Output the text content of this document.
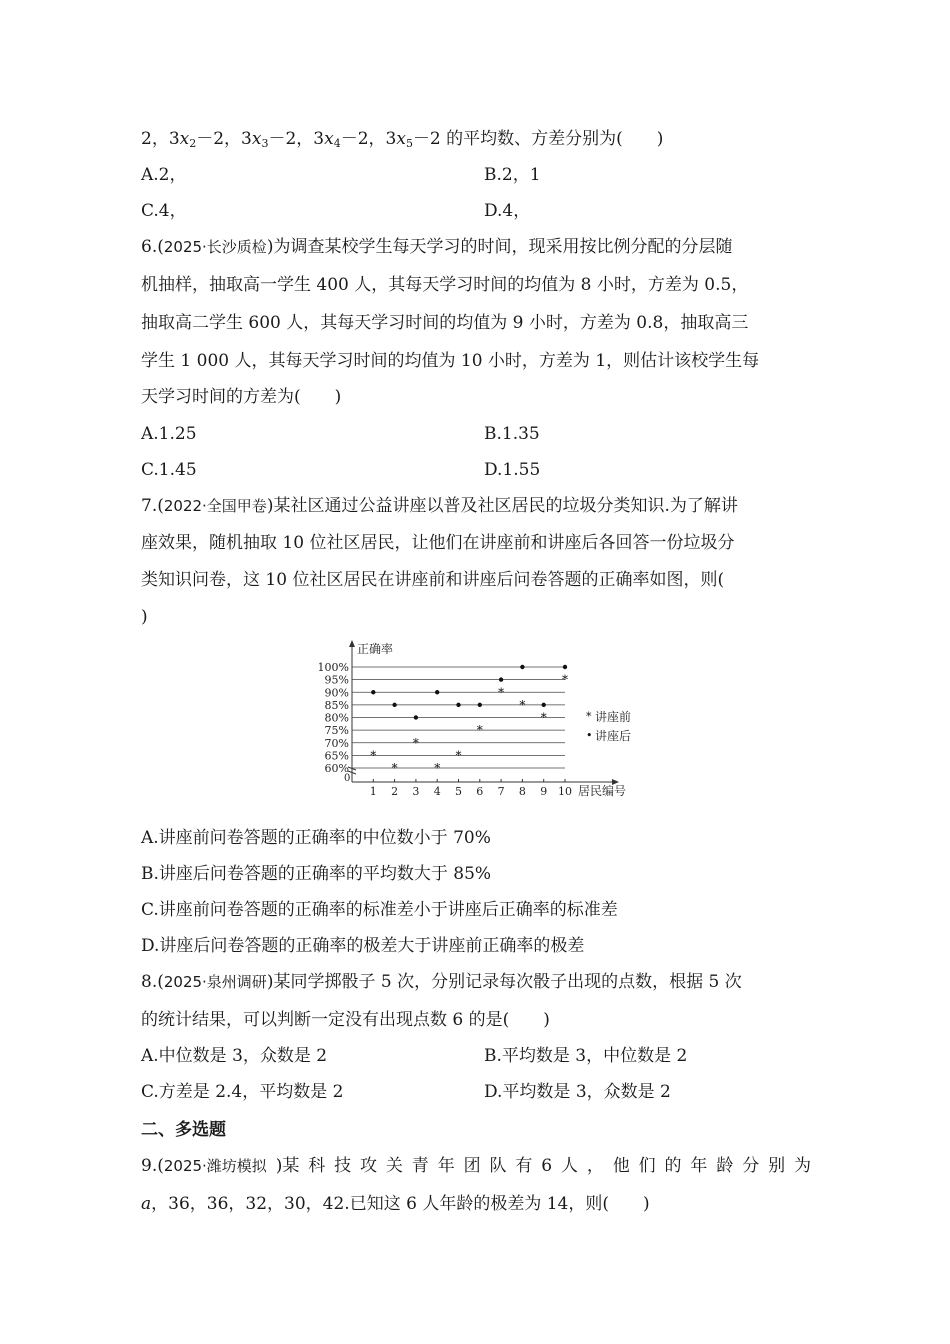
2，$3x_2-2$，$3x_3-2$，$3x_4-2$，$3x_5-2$ 的平均数、方差分别为(　　)
A.2，	B.2，1
C.4，	D.4，
6.(2025·长沙质检)为调查某校学生每天学习的时间，现采用按比例分配的分层随
机抽样，抽取高一学生 400 人，其每天学习时间的均值为 8 小时，方差为 0.5，
抽取高二学生 600 人，其每天学习时间的均值为 9 小时，方差为 0.8，抽取高三
学生 1 000 人，其每天学习时间的均值为 10 小时，方差为 1，则估计该校学生每
天学习时间的方差为(　　)
A.1.25	B.1.35
C.1.45	D.1.55
7.(2022·全国甲卷)某社区通过公益讲座以普及社区居民的垃圾分类知识.为了解讲
座效果，随机抽取 10 位社区居民，让他们在讲座前和讲座后各回答一份垃圾分
类知识问卷，这 10 位社区居民在讲座前和讲座后问卷答题的正确率如图，则(
)
正确率
居民编号
0
100%
95%
90%
85%
80%
75%
70%
65%
60%
1 2 3 4 5 6 7 8 9 10
*
*
*
*
*
*
*
*
*
*
* 讲座前
• 讲座后
A.讲座前问卷答题的正确率的中位数小于 70%
B.讲座后问卷答题的正确率的平均数大于 85%
C.讲座前问卷答题的正确率的标准差小于讲座后正确率的标准差
D.讲座后问卷答题的正确率的极差大于讲座前正确率的极差
8.(2025·泉州调研)某同学掷骰子 5 次，分别记录每次骰子出现的点数，根据 5 次
的统计结果，可以判断一定没有出现点数 6 的是(　　)
A.中位数是 3，众数是 2	B.平均数是 3，中位数是 2
C.方差是 2.4，平均数是 2	D.平均数是 3，众数是 2
二、多选题
9.(2025·潍坊模拟 )某 科 技 攻 关 青 年 团 队 有 6 人 ， 他 们 的 年 龄 分 别 为
a，36，36，32，30，42.已知这 6 人年龄的极差为 14，则(　　)
